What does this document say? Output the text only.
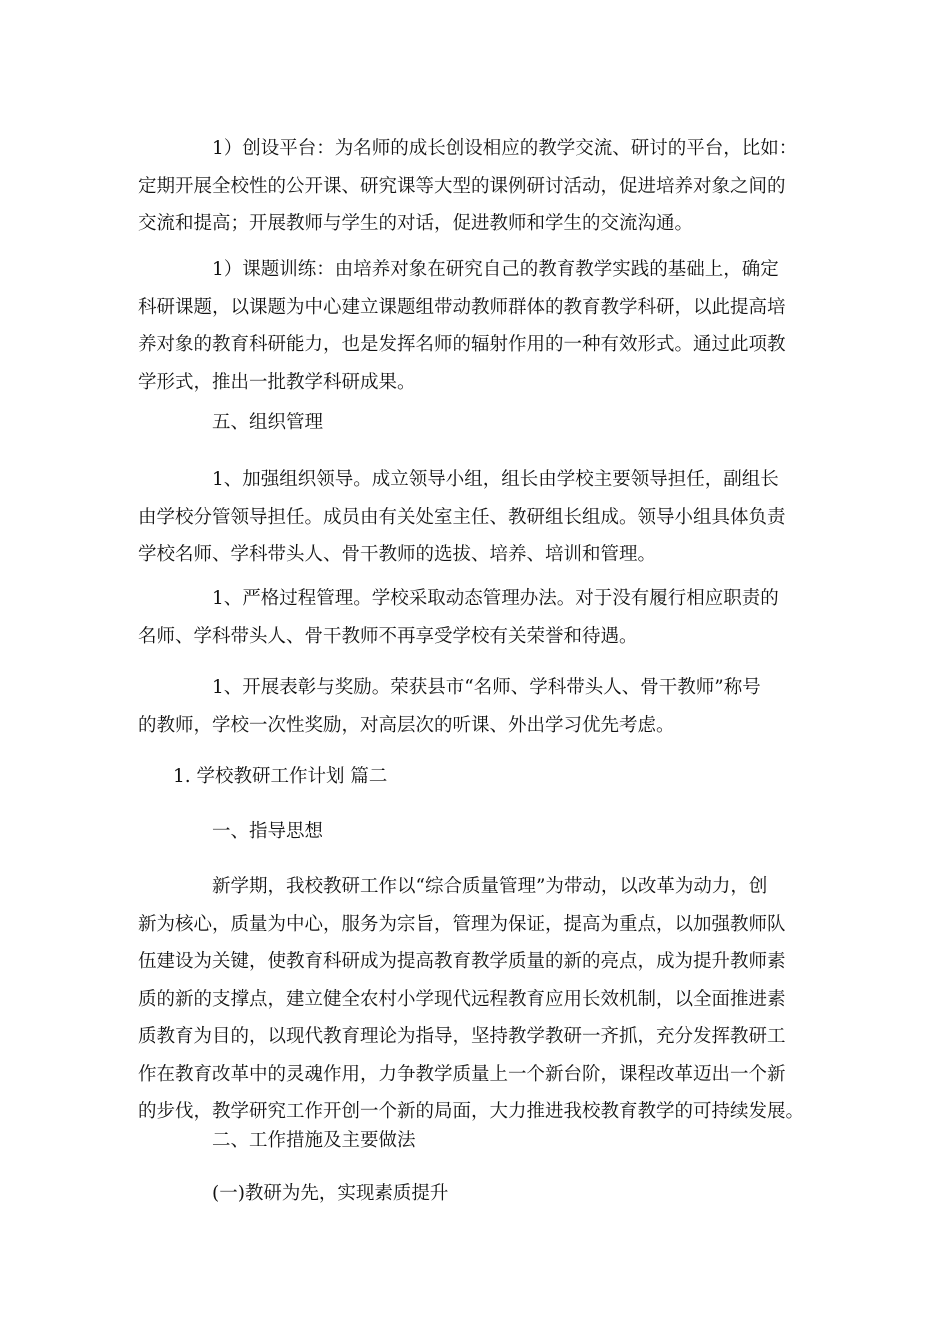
1）创设平台：为名师的成长创设相应的教学交流、研讨的平台，比如：
定期开展全校性的公开课、研究课等大型的课例研讨活动，促进培养对象之间的
交流和提高；开展教师与学生的对话，促进教师和学生的交流沟通。
1）课题训练：由培养对象在研究自己的教育教学实践的基础上，确定
科研课题，以课题为中心建立课题组带动教师群体的教育教学科研，以此提高培
养对象的教育科研能力，也是发挥名师的辐射作用的一种有效形式。通过此项教
学形式，推出一批教学科研成果。
五、组织管理
1、加强组织领导。成立领导小组，组长由学校主要领导担任，副组长
由学校分管领导担任。成员由有关处室主任、教研组长组成。领导小组具体负责
学校名师、学科带头人、骨干教师的选拔、培养、培训和管理。
1、严格过程管理。学校采取动态管理办法。对于没有履行相应职责的
名师、学科带头人、骨干教师不再享受学校有关荣誉和待遇。
1、开展表彰与奖励。荣获县市“名师、学科带头人、骨干教师”称号
的教师，学校一次性奖励，对高层次的听课、外出学习优先考虑。
1. 学校教研工作计划 篇二
一、指导思想
新学期，我校教研工作以“综合质量管理”为带动，以改革为动力，创
新为核心，质量为中心，服务为宗旨，管理为保证，提高为重点，以加强教师队
伍建设为关键，使教育科研成为提高教育教学质量的新的亮点，成为提升教师素
质的新的支撑点，建立健全农村小学现代远程教育应用长效机制，以全面推进素
质教育为目的，以现代教育理论为指导，坚持教学教研一齐抓，充分发挥教研工
作在教育改革中的灵魂作用，力争教学质量上一个新台阶，课程改革迈出一个新
的步伐，教学研究工作开创一个新的局面，大力推进我校教育教学的可持续发展。
二、工作措施及主要做法
(一)教研为先，实现素质提升
